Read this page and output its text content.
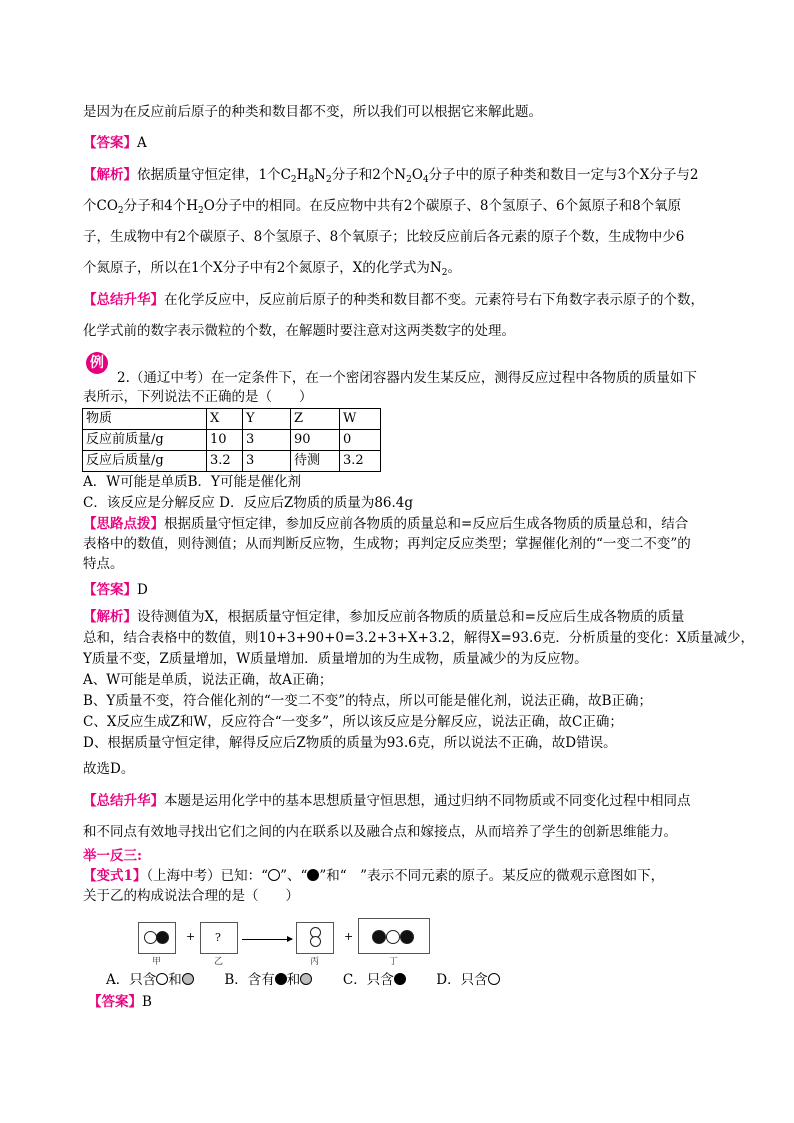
是因为在反应前后原子的种类和数目都不变，所以我们可以根据它来解此题。
【答案】A
【解析】依据质量守恒定律，1个$C_2H_8N_2$分子和2个$N_2O_4$分子中的原子种类和数目一定与3个X分子与2
个$CO_2$分子和4个$H_2O$分子中的相同。在反应物中共有2个碳原子、8个氢原子、6个氮原子和8个氧原
子，生成物中有2个碳原子、8个氢原子、8个氧原子；比较反应前后各元素的原子个数，生成物中少6
个氮原子，所以在1个X分子中有2个氮原子，X的化学式为$N_2$。
【总结升华】在化学反应中，反应前后原子的种类和数目都不变。元素符号右下角数字表示原子的个数，
化学式前的数字表示微粒的个数，在解题时要注意对这两类数字的处理。
例
2.（通辽中考）在一定条件下，在一个密闭容器内发生某反应，测得反应过程中各物质的质量如下
表所示，下列说法不正确的是（　　）
物质	X	Y	Z	W
反应前质量/g	10	3	90	0
反应后质量/g	3.2	3	待测	3.2
A．W可能是单质B．Y可能是催化剂
C．该反应是分解反应 D．反应后Z物质的质量为86.4g
【思路点拨】根据质量守恒定律，参加反应前各物质的质量总和=反应后生成各物质的质量总和，结合
表格中的数值，则待测值；从而判断反应物，生成物；再判定反应类型；掌握催化剂的“一变二不变”的
特点。
【答案】D
【解析】设待测值为X，根据质量守恒定律，参加反应前各物质的质量总和=反应后生成各物质的质量
总和，结合表格中的数值，则10+3+90+0=3.2+3+X+3.2，解得X=93.6克．分析质量的变化：X质量减少，
Y质量不变，Z质量增加，W质量增加．质量增加的为生成物，质量减少的为反应物。
A、W可能是单质，说法正确，故A正确；
B、Y质量不变，符合催化剂的“一变二不变”的特点，所以可能是催化剂，说法正确，故B正确；
C、X反应生成Z和W，反应符合“一变多”，所以该反应是分解反应，说法正确，故C正确；
D、根据质量守恒定律，解得反应后Z物质的质量为93.6克，所以说法不正确，故D错误。
故选D。
【总结升华】本题是运用化学中的基本思想质量守恒思想，通过归纳不同物质或不同变化过程中相同点
和不同点有效地寻找出它们之间的内在联系以及融合点和嫁接点，从而培养了学生的创新思维能力。
举一反三:
【变式1】（上海中考）已知：“ ”、“ ”和“　”表示不同元素的原子。某反应的微观示意图如下，
关于乙的构成说法合理的是（　　）
+ ?	+
甲	乙	丙	丁
A．只含 和	B．含有 和	C．只含	D．只含
【答案】B
